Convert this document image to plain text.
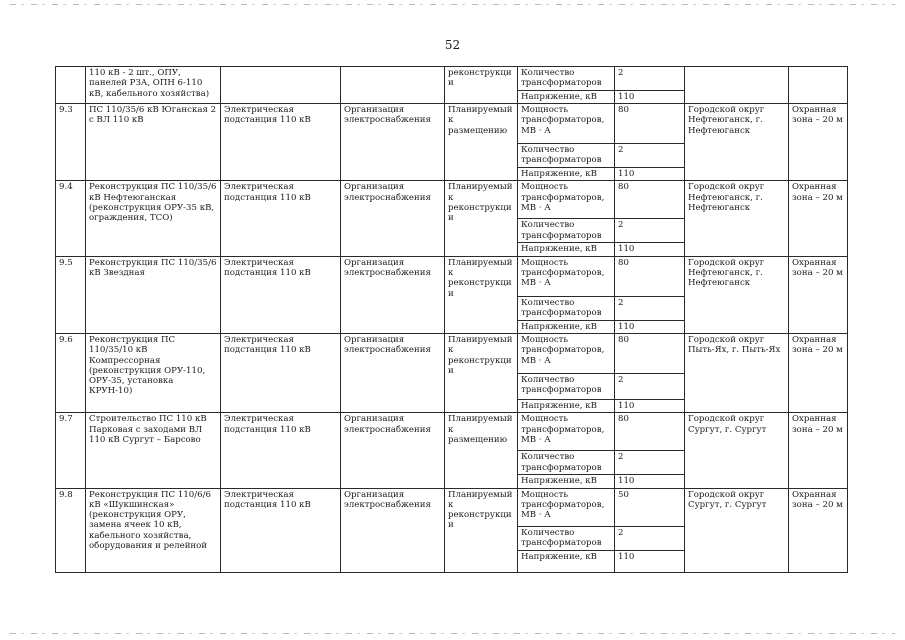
52
	110 кВ - 2 шт., ОПУ, панелей РЗА, ОПН 6-110 кВ, кабельного хозяйства)			реконструкци и	Количество трансформаторов	2		
					Напряжение, кВ	110		
9.3	ПС 110/35/6 кВ Юганская 2 с ВЛ 110 кВ	Электрическая подстанция 110 кВ	Организация электроснабжения	Планируемый к размещению	Мощность трансформаторов, МВ · А	80	Городской округ Нефтеюганск, г. Нефтеюганск	Охранная зона – 20 м
					Количество трансформаторов	2		
					Напряжение, кВ	110		
9.4	Реконструкция ПС 110/35/6 кВ Нефтеюганская (реконструкция ОРУ-35 кВ, ограждения, ТСО)	Электрическая подстанция 110 кВ	Организация электроснабжения	Планируемый к реконструкци и	Мощность трансформаторов, МВ · А	80	Городской округ Нефтеюганск, г. Нефтеюганск	Охранная зона – 20 м
					Количество трансформаторов	2		
					Напряжение, кВ	110		
9.5	Реконструкция ПС 110/35/6 кВ Звездная	Электрическая подстанция 110 кВ	Организация электроснабжения	Планируемый к реконструкци и	Мощность трансформаторов, МВ · А	80	Городской округ Нефтеюганск, г. Нефтеюганск	Охранная зона – 20 м
					Количество трансформаторов	2		
					Напряжение, кВ	110		
9.6	Реконструкция ПС 110/35/10 кВ Компрессорная (реконструкция ОРУ-110, ОРУ-35, установка КРУН-10)	Электрическая подстанция 110 кВ	Организация электроснабжения	Планируемый к реконструкци и	Мощность трансформаторов, МВ · А	80	Городской округ Пыть-Ях, г. Пыть-Ях	Охранная зона – 20 м
					Количество трансформаторов	2		
					Напряжение, кВ	110		
9.7	Строительство ПС 110 кВ Парковая с заходами ВЛ 110 кВ Сургут – Барсово	Электрическая подстанция 110 кВ	Организация электроснабжения	Планируемый к размещению	Мощность трансформаторов, МВ · А	80	Городской округ Сургут, г. Сургут	Охранная зона – 20 м
					Количество трансформаторов	2		
					Напряжение, кВ	110		
9.8	Реконструкция ПС 110/6/6 кВ «Шукшинская» (реконструкция ОРУ, замена ячеек 10 кВ, кабельного хозяйства, оборудования и релейной	Электрическая подстанция 110 кВ	Организация электроснабжения	Планируемый к реконструкци и	Мощность трансформаторов, МВ · А	50	Городской округ Сургут, г. Сургут	Охранная зона – 20 м
					Количество трансформаторов	2		
					Напряжение, кВ	110		
